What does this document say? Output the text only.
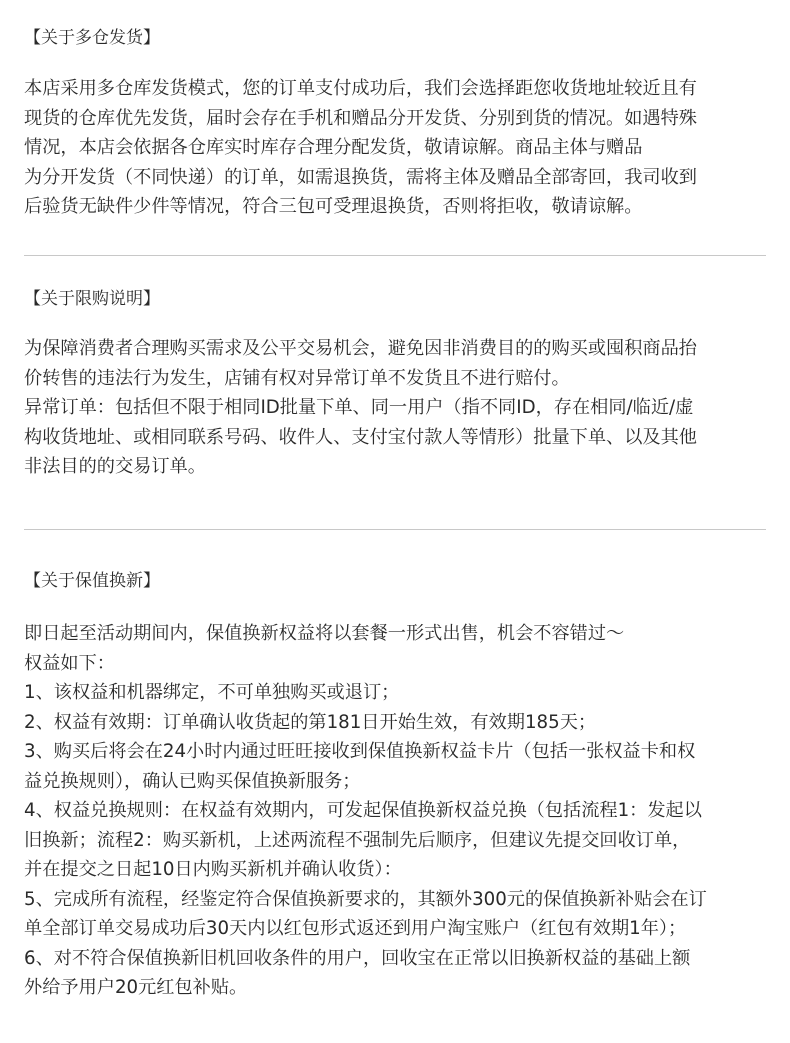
【关于多仓发货】
本店采用多仓库发货模式，您的订单支付成功后，我们会选择距您收货地址较近且有
现货的仓库优先发货，届时会存在手机和赠品分开发货、分别到货的情况。如遇特殊
情况，本店会依据各仓库实时库存合理分配发货，敬请谅解。商品主体与赠品
为分开发货（不同快递）的订单，如需退换货，需将主体及赠品全部寄回，我司收到
后验货无缺件少件等情况，符合三包可受理退换货，否则将拒收，敬请谅解。
【关于限购说明】
为保障消费者合理购买需求及公平交易机会，避免因非消费目的的购买或囤积商品抬
价转售的违法行为发生，店铺有权对异常订单不发货且不进行赔付。
异常订单：包括但不限于相同ID批量下单、同一用户（指不同ID，存在相同/临近/虚
构收货地址、或相同联系号码、收件人、支付宝付款人等情形）批量下单、以及其他
非法目的的交易订单。
【关于保值换新】
即日起至活动期间内，保值换新权益将以套餐一形式出售，机会不容错过～
权益如下：
1、该权益和机器绑定，不可单独购买或退订；
2、权益有效期：订单确认收货起的第181日开始生效，有效期185天；
3、购买后将会在24小时内通过旺旺接收到保值换新权益卡片（包括一张权益卡和权
益兑换规则），确认已购买保值换新服务；
4、权益兑换规则：在权益有效期内，可发起保值换新权益兑换（包括流程1：发起以
旧换新；流程2：购买新机，上述两流程不强制先后顺序，但建议先提交回收订单，
并在提交之日起10日内购买新机并确认收货）：
5、完成所有流程，经鉴定符合保值换新要求的，其额外300元的保值换新补贴会在订
单全部订单交易成功后30天内以红包形式返还到用户淘宝账户（红包有效期1年）；
6、对不符合保值换新旧机回收条件的用户，回收宝在正常以旧换新权益的基础上额
外给予用户20元红包补贴。
